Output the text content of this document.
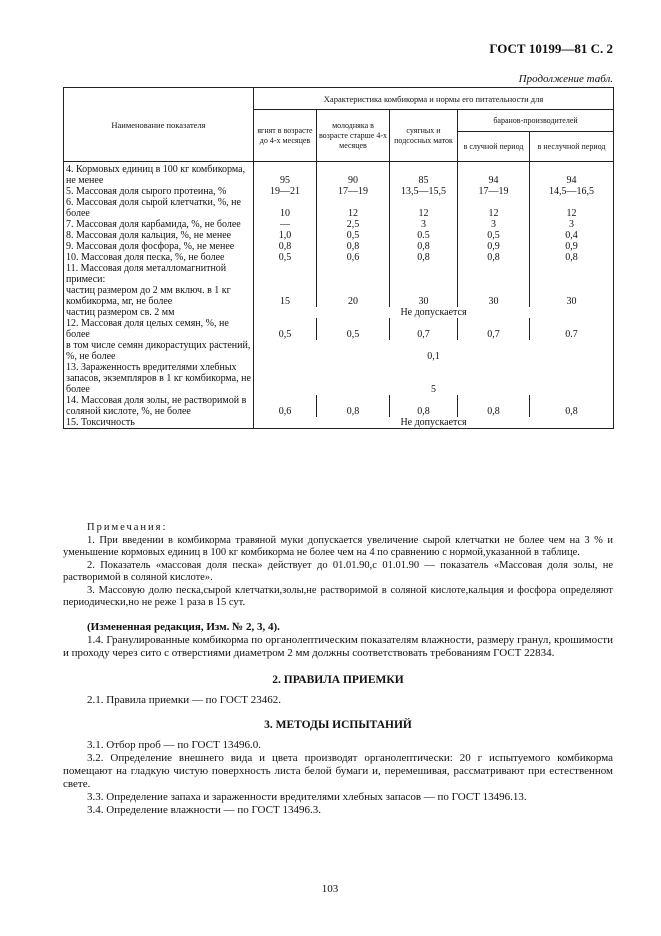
ГОСТ 10199—81 С. 2
Продолжение табл.
Наименование показателя	Характеристика комбикорма и нормы его питательности для				
	ягнят в возрасте до 4-х месяцев	молодняка в возрасте старше 4-х месяцев	суягных и подсосных маток	баранов-производителей	
				в случной период	в неслучной период
4. Кормовых единиц в 100 кг комбикорма, не менее	95	90	85	94	94
5. Массовая доля сырого протеина, %	19—21	17—19	13,5—15,5	17—19	14,5—16,5
6. Массовая доля сырой клетчатки, %, не более	10	12	12	12	12
7. Массовая доля карбамида, %, не более	—	2,5	3	3	3
8. Массовая доля кальция, %, не менее	1,0	0,5	0.5	0,5	0,4
9. Массовая доля фосфора, %, не менее	0,8	0,8	0,8	0,9	0,9
10. Массовая доля песка, %, не более	0,5	0,6	0,8	0,8	0,8
11. Массовая доля металломагнитной примеси:					
частиц размером до 2 мм включ. в 1 кг комбикорма, мг, не более	15	20	30	30	30
частиц размером св. 2 мм	Не допускается				
12. Массовая доля целых семян, %, не более	0,5	0,5	0,7	0,7	0.7
в том числе семян дикорастущих растений, %, не более	0,1				
13. Зараженность вредителями хлебных запасов, экземпляров в 1 кг комбикорма, не более	5				
14. Массовая доля золы, не растворимой в соляной кислоте, %, не более	0,6	0,8	0,8	0,8	0,8
15. Токсичность	Не допускается				

Примечания:

1. При введении в комбикорма травяной муки допускается увеличение сырой клетчатки не более чем на 3 % и уменьшение кормовых единиц в 100 кг комбикорма не более чем на 4 по сравнению с нормой,указанной в таблице.

2. Показатель «массовая доля песка» действует до 01.01.90,с 01.01.90 — показатель «Массовая доля золы, не растворимой в соляной кислоте».

3. Массовую долю песка,сырой клетчатки,золы,не растворимой в соляной кислоте,кальция и фосфора определяют периодически,но не реже 1 раза в 15 сут.

(Измененная редакция, Изм. № 2, 3, 4).

1.4. Гранулированные комбикорма по органолептическим показателям влажности, размеру гранул, крошимости и проходу через сито с отверстиями диаметром 2 мм должны соответствовать требованиям ГОСТ 22834.

2. ПРАВИЛА ПРИЕМКИ

2.1. Правила приемки — по ГОСТ 23462.

3. МЕТОДЫ ИСПЫТАНИЙ

3.1. Отбор проб — по ГОСТ 13496.0.

3.2. Определение внешнего вида и цвета производят органолептически: 20 г испытуемого комбикорма помещают на гладкую чистую поверхность листа белой бумаги и, перемешивая, рассматривают при естественном свете.

3.3. Определение запаха и зараженности вредителями хлебных запасов — по ГОСТ 13496.13.

3.4. Определение влажности — по ГОСТ 13496.3.

103
